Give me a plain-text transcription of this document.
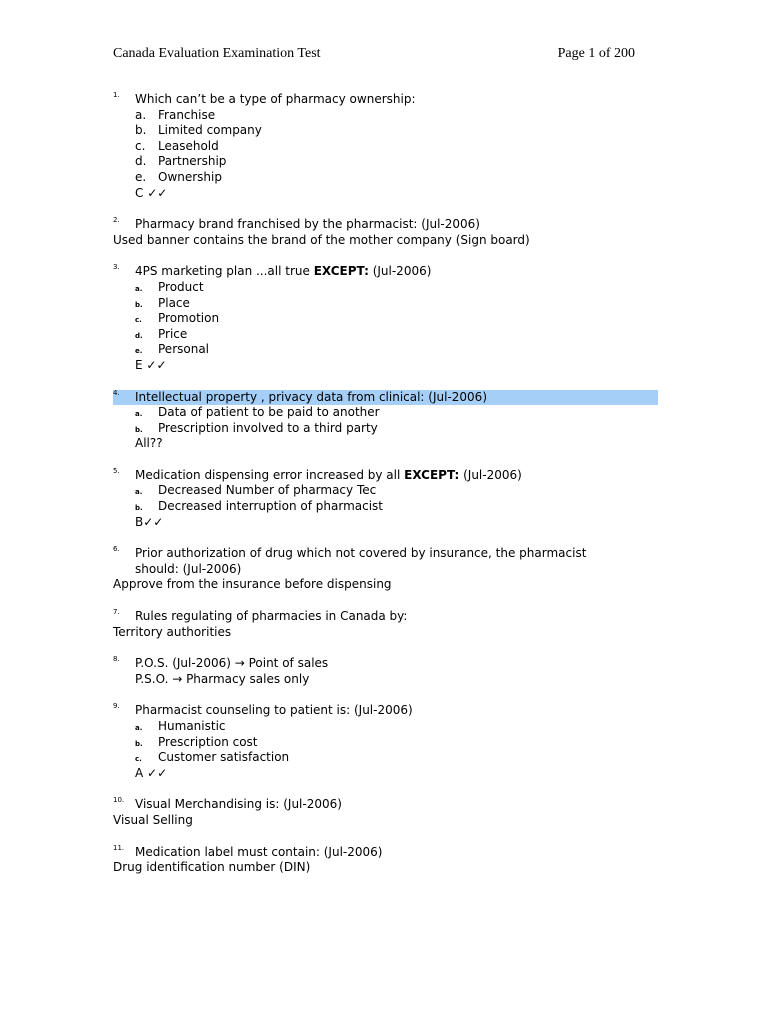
Canada Evaluation Examination Test	Page 1 of 200
1.	Which can’t be a type of pharmacy ownership:
a. Franchise
b. Limited company
c. Leasehold
d. Partnership
e. Ownership
C ✓✓
2.	Pharmacy brand franchised by the pharmacist: (Jul-2006)
Used banner contains the brand of the mother company (Sign board)
3.	4PS marketing plan ...all true EXCEPT: (Jul-2006)
a. Product
b. Place
c. Promotion
d. Price
e. Personal
E ✓✓
4.	Intellectual property , privacy data from clinical: (Jul-2006)
a. Data of patient to be paid to another
b. Prescription involved to a third party
All??
5.	Medication dispensing error increased by all EXCEPT: (Jul-2006)
a. Decreased Number of pharmacy Tec
b. Decreased interruption of pharmacist
B✓✓
6.	Prior authorization of drug which not covered by insurance, the pharmacist
should: (Jul-2006)
Approve from the insurance before dispensing
7.	Rules regulating of pharmacies in Canada by:
Territory authorities
8.	P.O.S. (Jul-2006) → Point of sales
P.S.O. → Pharmacy sales only
9.	Pharmacist counseling to patient is: (Jul-2006)
a. Humanistic
b. Prescription cost
c. Customer satisfaction
A ✓✓
10. Visual Merchandising is: (Jul-2006)
Visual Selling
11. Medication label must contain: (Jul-2006)
Drug identification number (DIN)
